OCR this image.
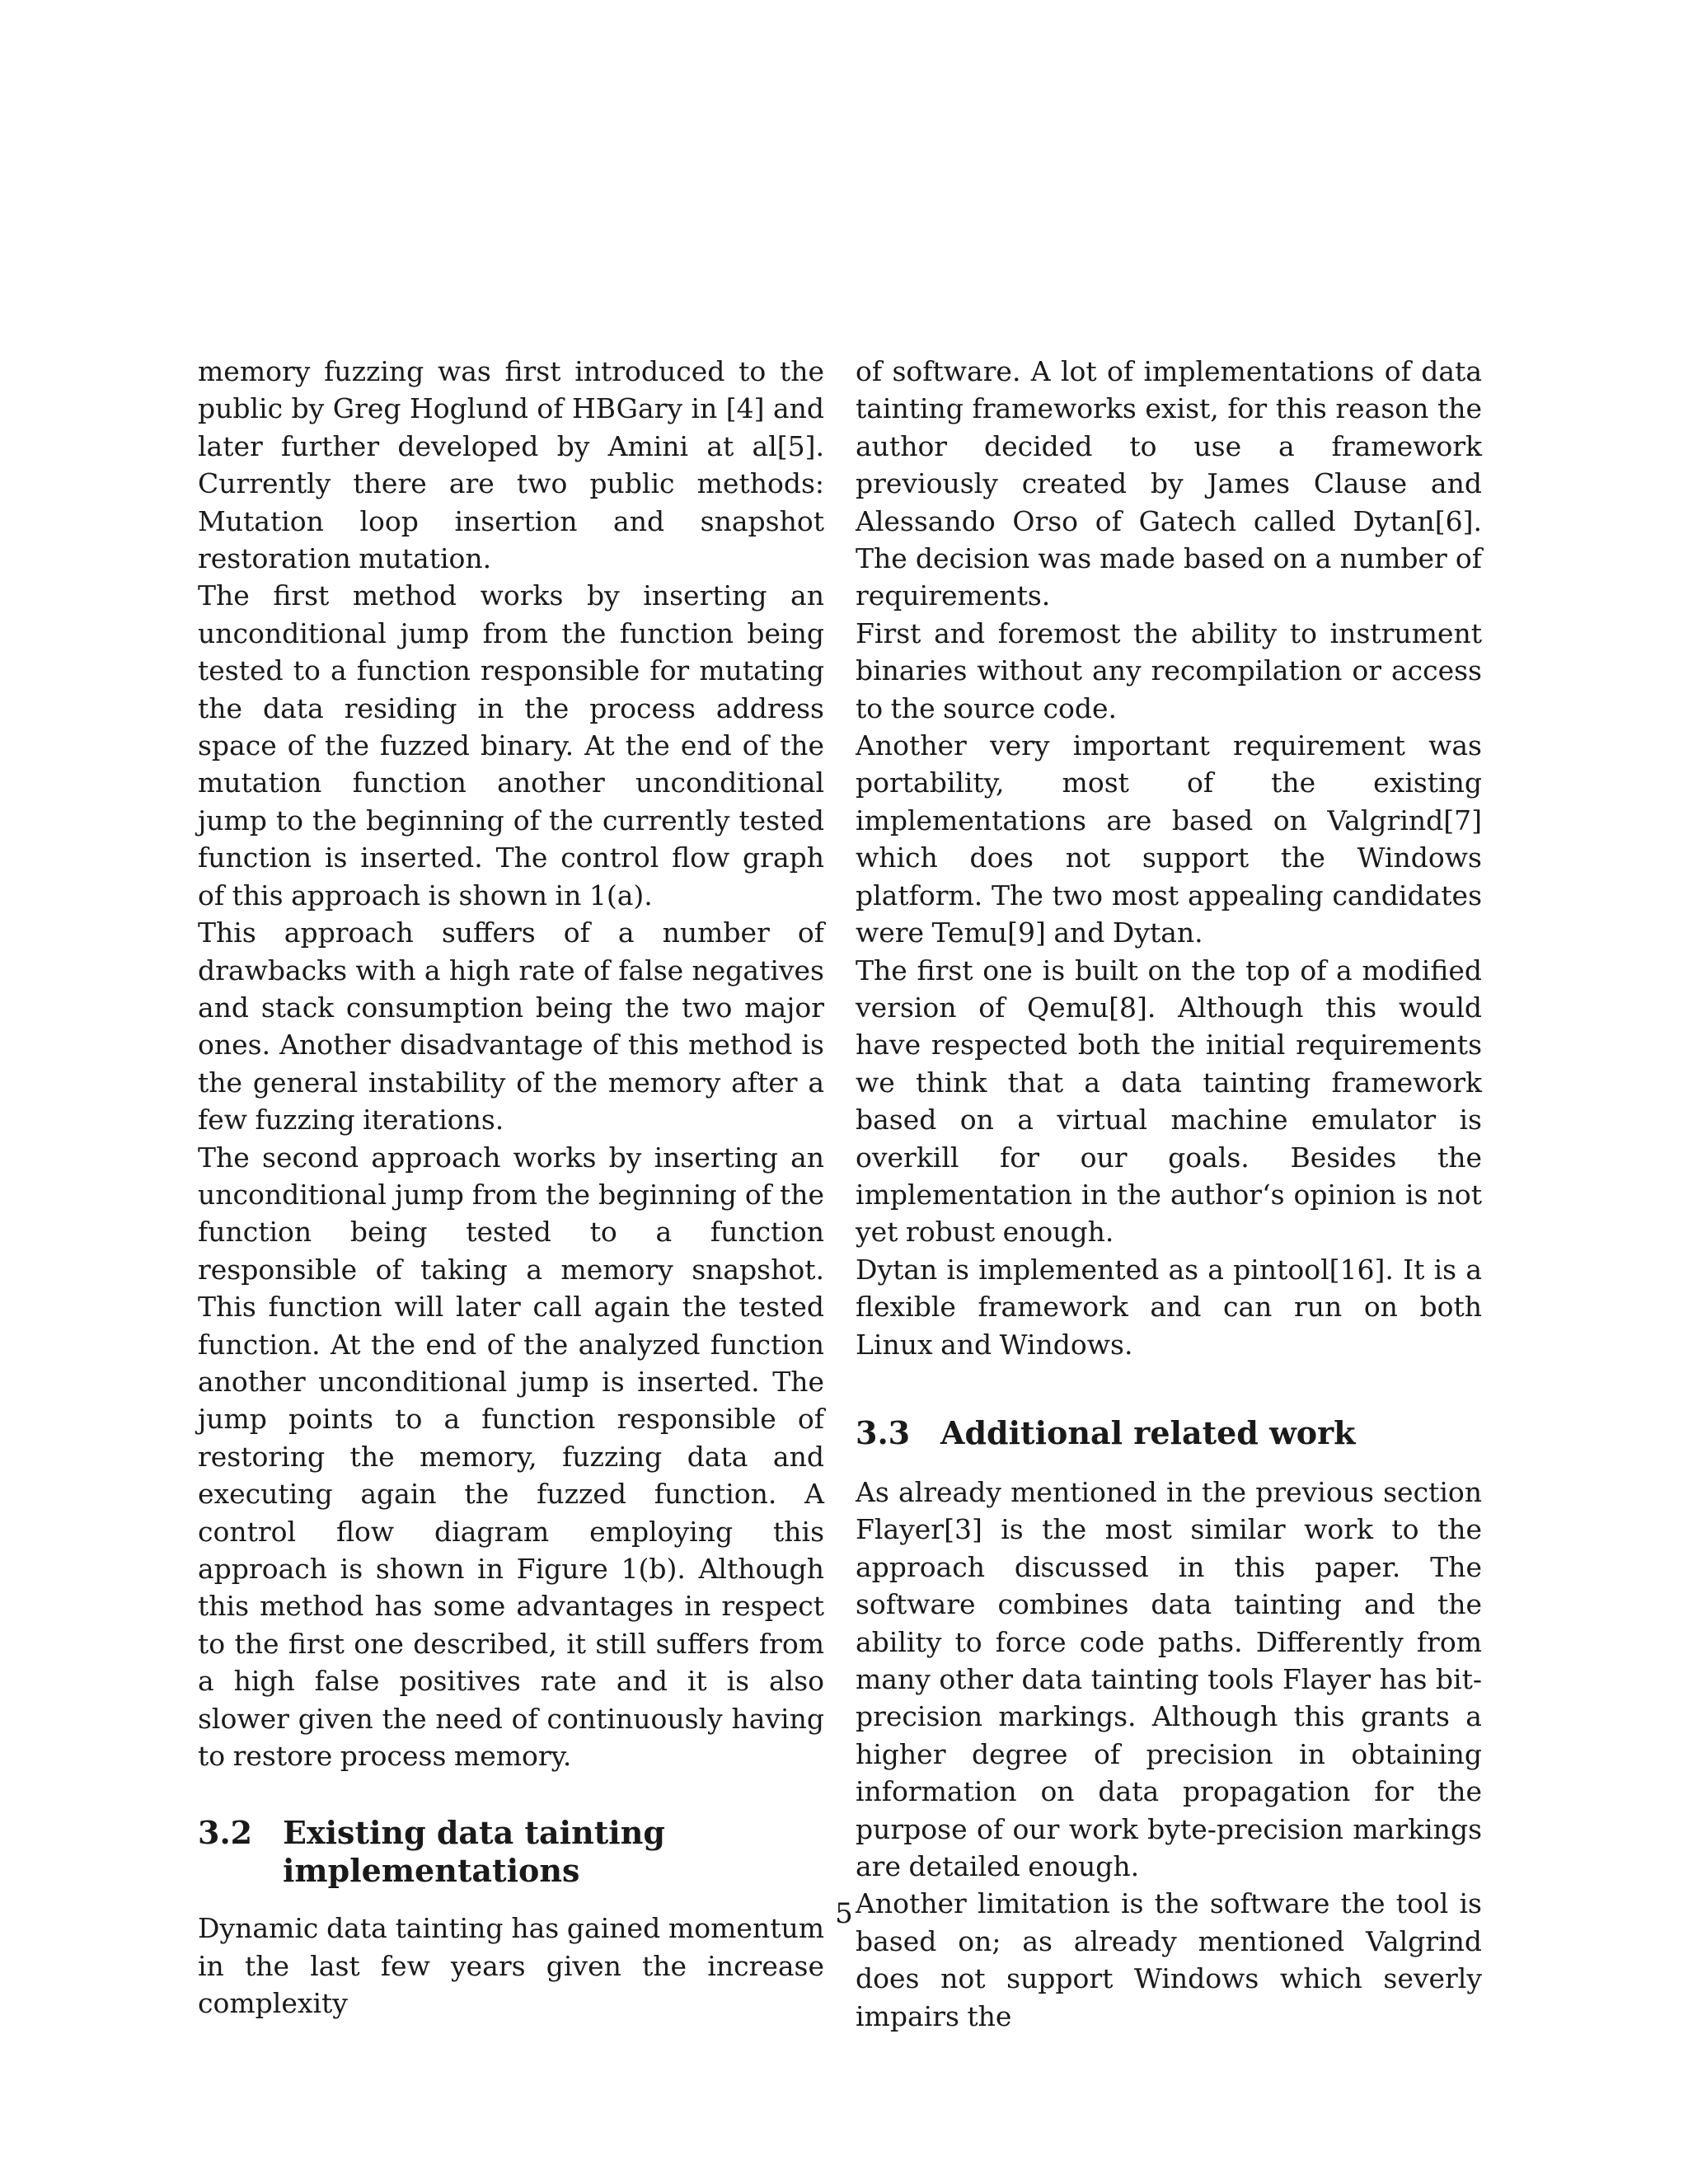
memory fuzzing was first introduced to the public by Greg Hoglund of HBGary in [4] and later further developed by Amini at al[5]. Currently there are two public methods: Mutation loop insertion and snapshot restoration mutation.

The first method works by inserting an unconditional jump from the function being tested to a function responsible for mutating the data residing in the process address space of the fuzzed binary. At the end of the mutation function another unconditional jump to the beginning of the currently tested function is inserted. The control flow graph of this approach is shown in 1(a).

This approach suffers of a number of drawbacks with a high rate of false negatives and stack consumption being the two major ones. Another disadvantage of this method is the general instability of the memory after a few fuzzing iterations.

The second approach works by inserting an unconditional jump from the beginning of the function being tested to a function responsible of taking a memory snapshot. This function will later call again the tested function. At the end of the analyzed function another unconditional jump is inserted. The jump points to a function responsible of restoring the memory, fuzzing data and executing again the fuzzed function. A control flow diagram employing this approach is shown in Figure 1(b). Although this method has some advantages in respect to the first one described, it still suffers from a high false positives rate and it is also slower given the need of continuously having to restore process memory.

3.2 Existing data tainting implementations

Dynamic data tainting has gained momentum in the last few years given the increase complexity

of software. A lot of implementations of data tainting frameworks exist, for this reason the author decided to use a framework previously created by James Clause and Alessando Orso of Gatech called Dytan[6]. The decision was made based on a number of requirements.

First and foremost the ability to instrument binaries without any recompilation or access to the source code.

Another very important requirement was portability, most of the existing implementations are based on Valgrind[7] which does not support the Windows platform. The two most appealing candidates were Temu[9] and Dytan.

The first one is built on the top of a modified version of Qemu[8]. Although this would have respected both the initial requirements we think that a data tainting framework based on a virtual machine emulator is overkill for our goals. Besides the implementation in the author‘s opinion is not yet robust enough.

Dytan is implemented as a pintool[16]. It is a flexible framework and can run on both Linux and Windows.

3.3 Additional related work

As already mentioned in the previous section Flayer[3] is the most similar work to the approach discussed in this paper. The software combines data tainting and the ability to force code paths. Differently from many other data tainting tools Flayer has bit-precision markings. Although this grants a higher degree of precision in obtaining information on data propagation for the purpose of our work byte-precision markings are detailed enough.

Another limitation is the software the tool is based on; as already mentioned Valgrind does not support Windows which severly impairs the

5
